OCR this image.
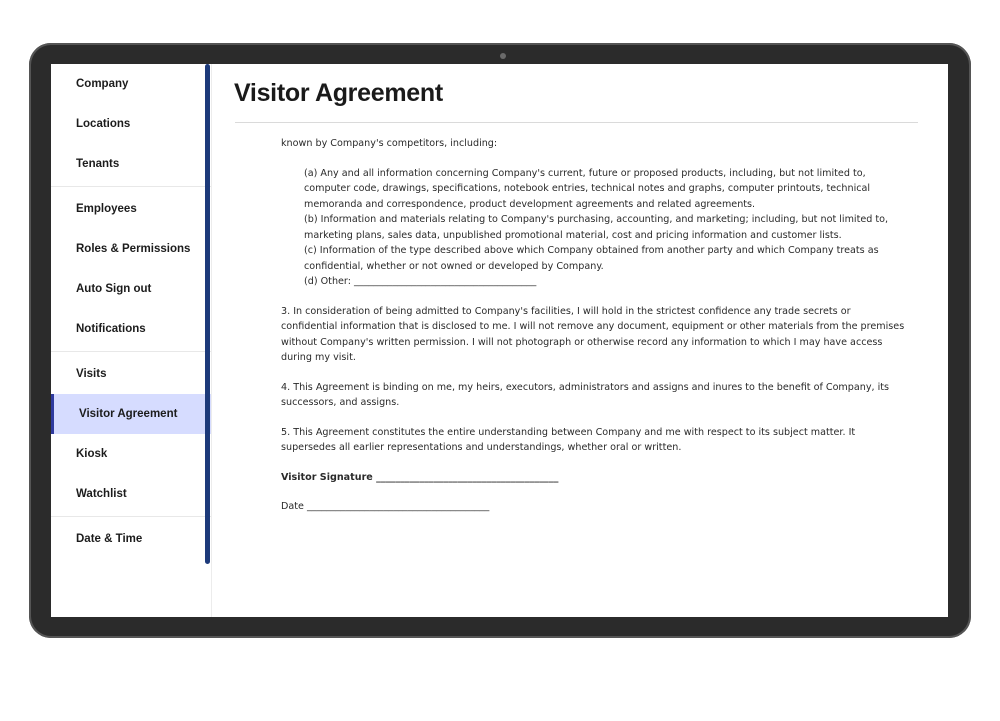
Company
Locations
Tenants
Employees
Roles & Permissions
Auto Sign out
Notifications
Visits
Visitor Agreement
Kiosk
Watchlist
Date & Time
Visitor Agreement

known by Company's competitors, including:

(a) Any and all information concerning Company's current, future or proposed products, including, but not limited to, computer code, drawings, specifications, notebook entries, technical notes and graphs, computer printouts, technical memoranda and correspondence, product development agreements and related agreements.
(b) Information and materials relating to Company's purchasing, accounting, and marketing; including, but not limited to, marketing plans, sales data, unpublished promotional material, cost and pricing information and customer lists.
(c) Information of the type described above which Company obtained from another party and which Company treats as confidential, whether or not owned or developed by Company.
(d) Other: ______________________________________

3. In consideration of being admitted to Company's facilities, I will hold in the strictest confidence any trade secrets or confidential information that is disclosed to me. I will not remove any document, equipment or other materials from the premises without Company's written permission. I will not photograph or otherwise record any information to which I may have access during my visit.

4. This Agreement is binding on me, my heirs, executors, administrators and assigns and inures to the benefit of Company, its successors, and assigns.

5. This Agreement constitutes the entire understanding between Company and me with respect to its subject matter. It supersedes all earlier representations and understandings, whether oral or written.

Visitor Signature ______________________________________

Date ______________________________________
